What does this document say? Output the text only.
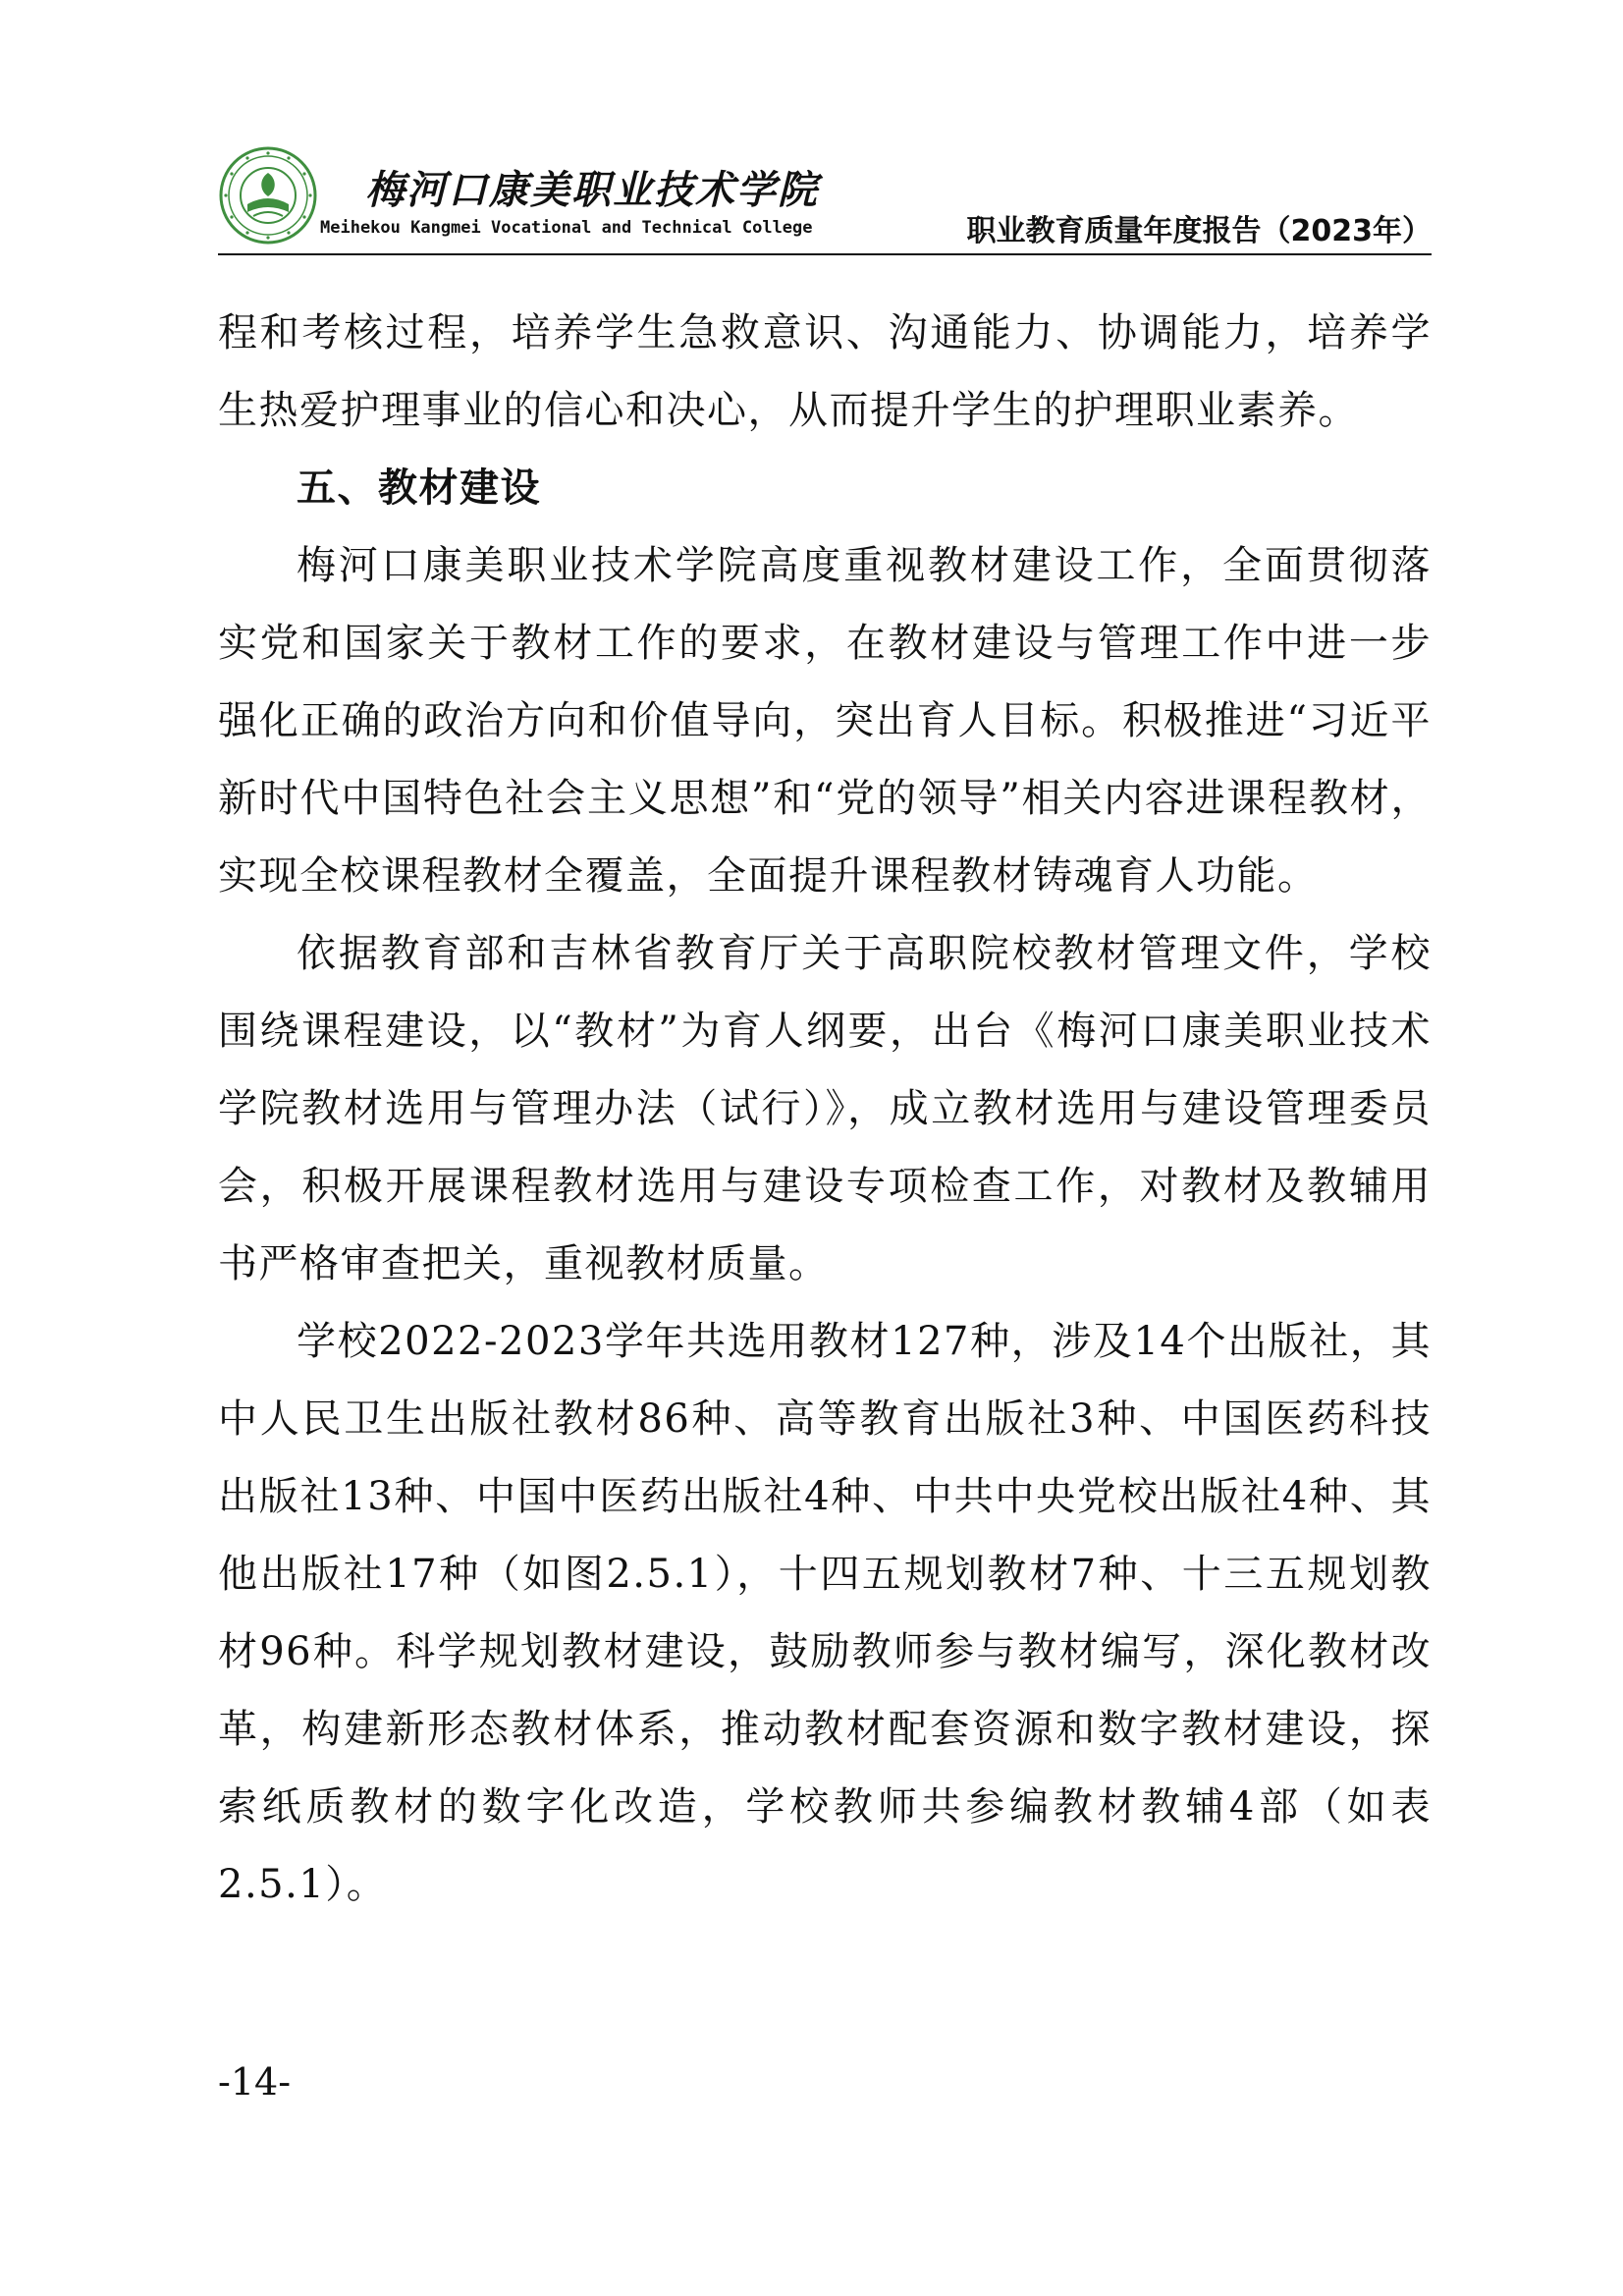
梅河口康美职业技术学院
Meihekou Kangmei Vocational and Technical College	职业教育质量年度报告（2023年）

程和考核过程，培养学生急救意识、沟通能力、协调能力，培养学生热爱护理事业的信心和决心，从而提升学生的护理职业素养。

五、教材建设

梅河口康美职业技术学院高度重视教材建设工作，全面贯彻落实党和国家关于教材工作的要求，在教材建设与管理工作中进一步强化正确的政治方向和价值导向，突出育人目标。积极推进“习近平新时代中国特色社会主义思想”和“党的领导”相关内容进课程教材，实现全校课程教材全覆盖，全面提升课程教材铸魂育人功能。

依据教育部和吉林省教育厅关于高职院校教材管理文件，学校围绕课程建设，以“教材”为育人纲要，出台《梅河口康美职业技术学院教材选用与管理办法（试行）》，成立教材选用与建设管理委员会，积极开展课程教材选用与建设专项检查工作，对教材及教辅用书严格审查把关，重视教材质量。

学校2022-2023学年共选用教材127种，涉及14个出版社，其中人民卫生出版社教材86种、高等教育出版社3种、中国医药科技出版社13种、中国中医药出版社4种、中共中央党校出版社4种、其他出版社17种（如图2.5.1），十四五规划教材7种、十三五规划教材96种。科学规划教材建设，鼓励教师参与教材编写，深化教材改革，构建新形态教材体系，推动教材配套资源和数字教材建设，探索纸质教材的数字化改造，学校教师共参编教材教辅4部（如表2.5.1）。

-14-
